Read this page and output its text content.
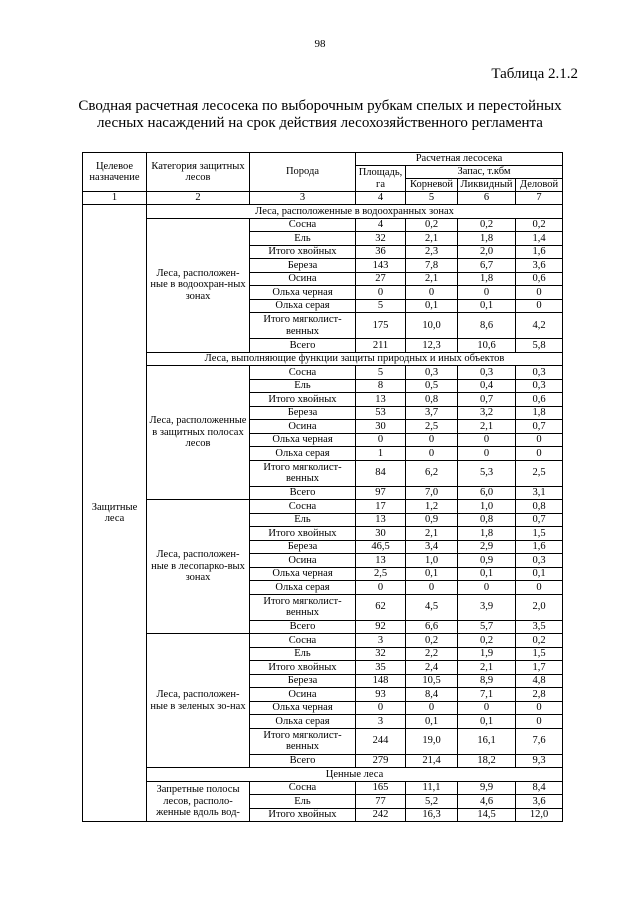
98
Таблица 2.1.2
Сводная расчетная лесосека по выборочным рубкам спелых и перестойных лесных насаждений на срок действия лесохозяйственного регламента
Целевое назначение	Категория защитных лесов	Порода	Расчетная лесосека			
			Площадь, га	Запас, т.кбм		
				Корневой	Ликвидный	Деловой
1	2	3	4	5	6	7
Защитные леса	Леса, расположенные в водоохранных зонах					
	Леса, расположен-ные в водоохран-ных зонах	Сосна	4	0,2	0,2	0,2
		Ель	32	2,1	1,8	1,4
		Итого хвойных	36	2,3	2,0	1,6
		Береза	143	7,8	6,7	3,6
		Осина	27	2,1	1,8	0,6
		Ольха черная	0	0	0	0
		Ольха серая	5	0,1	0,1	0
		Итого мягколист-венных	175	10,0	8,6	4,2
		Всего	211	12,3	10,6	5,8
	Леса, выполняющие функции защиты природных и иных объектов					
	Леса, расположенные в защитных полосах лесов	Сосна	5	0,3	0,3	0,3
		Ель	8	0,5	0,4	0,3
		Итого хвойных	13	0,8	0,7	0,6
		Береза	53	3,7	3,2	1,8
		Осина	30	2,5	2,1	0,7
		Ольха черная	0	0	0	0
		Ольха серая	1	0	0	0
		Итого мягколист-венных	84	6,2	5,3	2,5
		Всего	97	7,0	6,0	3,1
	Леса, расположен-ные в лесопарко-вых зонах	Сосна	17	1,2	1,0	0,8
		Ель	13	0,9	0,8	0,7
		Итого хвойных	30	2,1	1,8	1,5
		Береза	46,5	3,4	2,9	1,6
		Осина	13	1,0	0,9	0,3
		Ольха черная	2,5	0,1	0,1	0,1
		Ольха серая	0	0	0	0
		Итого мягколист-венных	62	4,5	3,9	2,0
		Всего	92	6,6	5,7	3,5
	Леса, расположен-ные в зеленых зо-нах	Сосна	3	0,2	0,2	0,2
		Ель	32	2,2	1,9	1,5
		Итого хвойных	35	2,4	2,1	1,7
		Береза	148	10,5	8,9	4,8
		Осина	93	8,4	7,1	2,8
		Ольха черная	0	0	0	0
		Ольха серая	3	0,1	0,1	0
		Итого мягколист-венных	244	19,0	16,1	7,6
		Всего	279	21,4	18,2	9,3
	Ценные леса					
	Запретные полосы лесов, располо-женные вдоль вод-	Сосна	165	11,1	9,9	8,4
		Ель	77	5,2	4,6	3,6
		Итого хвойных	242	16,3	14,5	12,0
